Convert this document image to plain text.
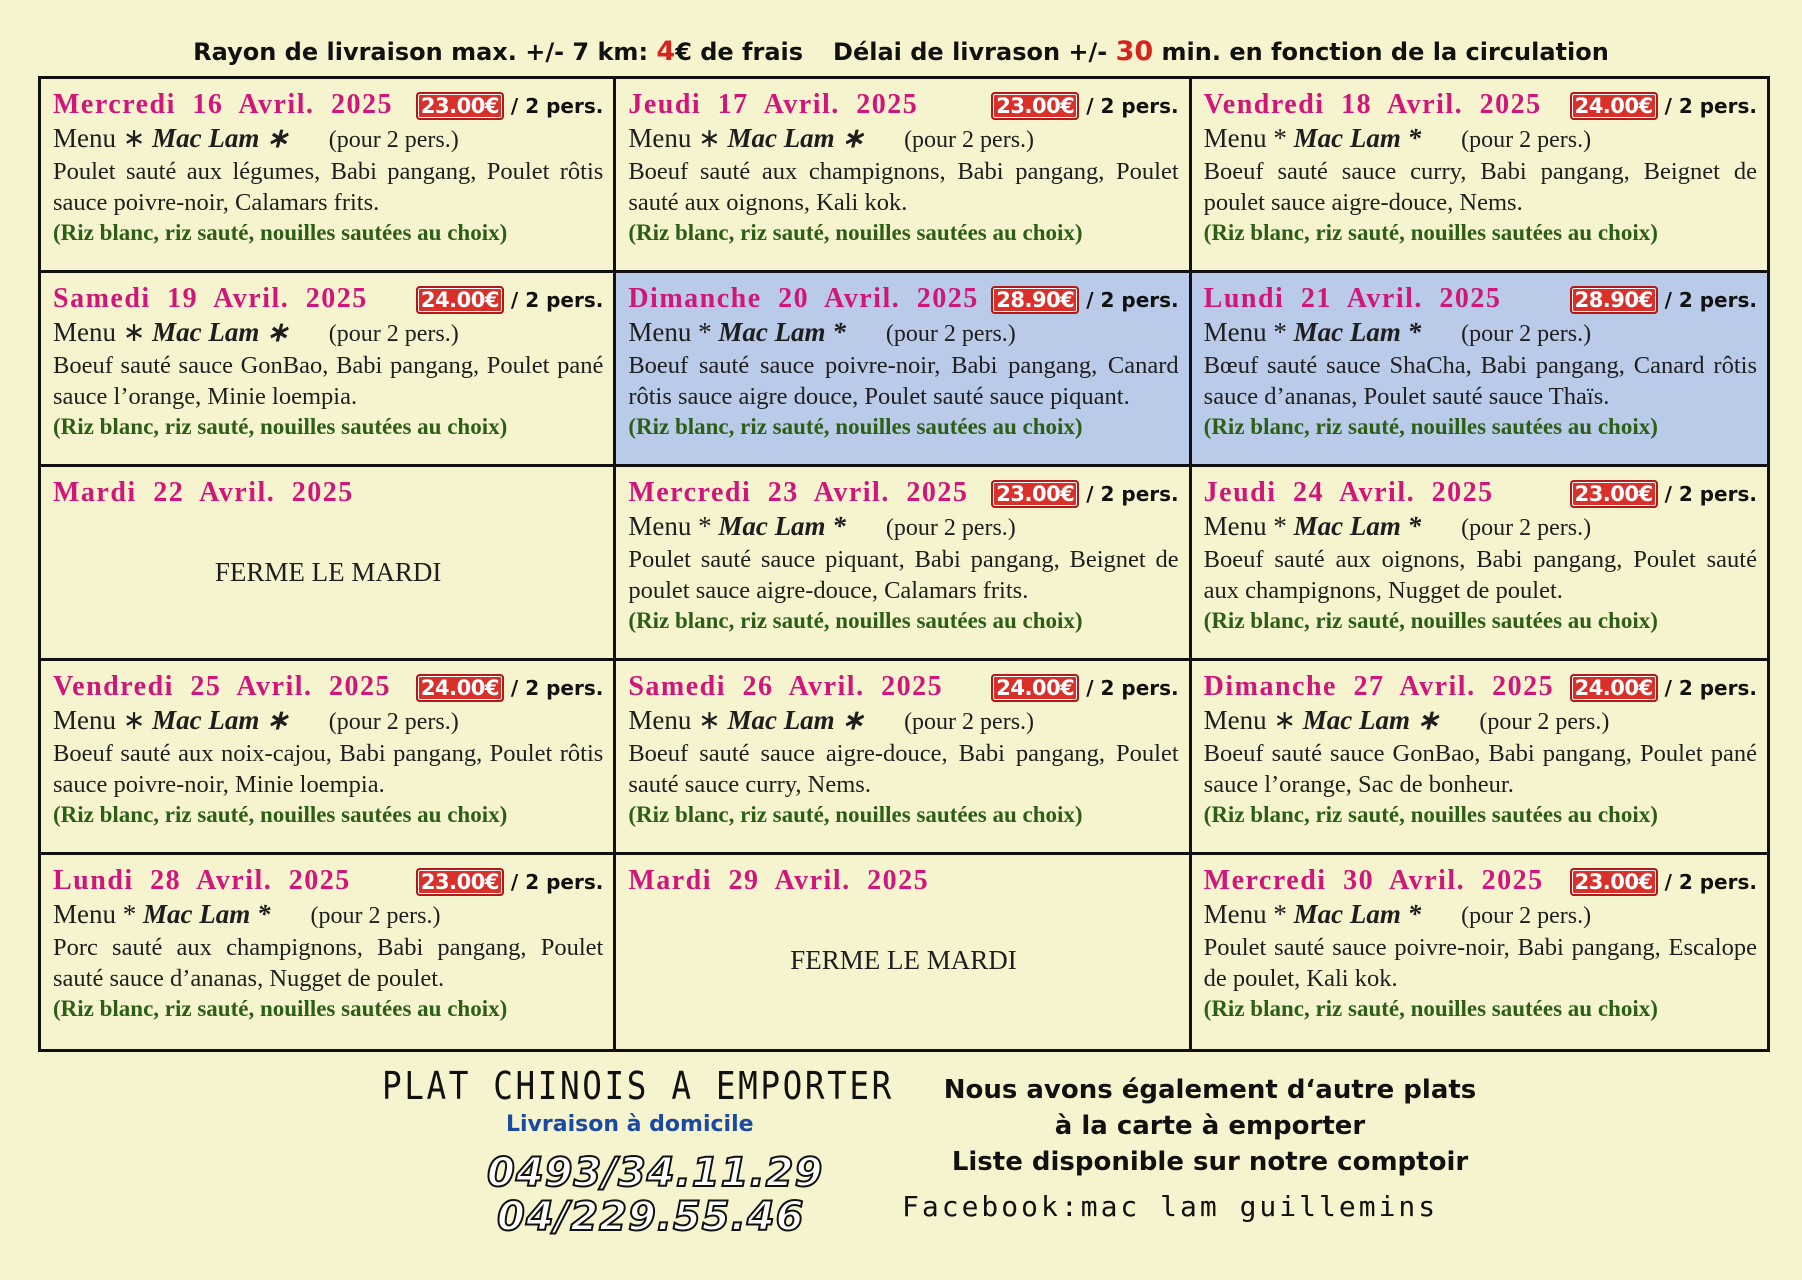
Rayon de livraison max. +/- 7 km: 4€ de frais Délai de livrason +/- 30 min. en fonction de la circulation
Mercredi 16 Avril. 2025 23.00€ / 2 pers.
Menu ∗ Mac Lam ∗ (pour 2 pers.)
Poulet sauté aux légumes, Babi pangang, Poulet rôtis sauce poivre-noir, Calamars frits.
(Riz blanc, riz sauté, nouilles sautées au choix)
Jeudi 17 Avril. 2025	23.00€ / 2 pers.
Menu ∗ Mac Lam ∗ (pour 2 pers.)
Boeuf sauté aux champignons, Babi pangang, Poulet sauté aux oignons, Kali kok.
(Riz blanc, riz sauté, nouilles sautées au choix)
Vendredi 18 Avril. 2025 24.00€ / 2 pers.
Menu * Mac Lam * (pour 2 pers.)
Boeuf sauté sauce curry, Babi pangang, Beignet de poulet sauce aigre-douce, Nems.
(Riz blanc, riz sauté, nouilles sautées au choix)
Samedi 19 Avril. 2025	24.00€ / 2 pers.
Menu ∗ Mac Lam ∗ (pour 2 pers.)
Boeuf sauté sauce GonBao, Babi pangang, Poulet pané sauce l’orange, Minie loempia.
(Riz blanc, riz sauté, nouilles sautées au choix)
Dimanche 20 Avril. 2025 28.90€ / 2 pers.
Menu * Mac Lam * (pour 2 pers.)
Boeuf sauté sauce poivre-noir, Babi pangang, Canard rôtis sauce aigre douce, Poulet sauté sauce piquant.
(Riz blanc, riz sauté, nouilles sautées au choix)
Lundi 21 Avril. 2025	28.90€ / 2 pers.
Menu * Mac Lam * (pour 2 pers.)
Bœuf sauté sauce ShaCha, Babi pangang, Canard rôtis sauce d’ananas, Poulet sauté sauce Thaïs.
(Riz blanc, riz sauté, nouilles sautées au choix)
Mardi 22 Avril. 2025
FERME LE MARDI
Mercredi 23 Avril. 2025 23.00€ / 2 pers.
Menu * Mac Lam * (pour 2 pers.)
Poulet sauté sauce piquant, Babi pangang, Beignet de poulet sauce aigre-douce, Calamars frits.
(Riz blanc, riz sauté, nouilles sautées au choix)
Jeudi 24 Avril. 2025	23.00€ / 2 pers.
Menu * Mac Lam * (pour 2 pers.)
Boeuf sauté aux oignons, Babi pangang, Poulet sauté aux champignons, Nugget de poulet.
(Riz blanc, riz sauté, nouilles sautées au choix)
Vendredi 25 Avril. 2025 24.00€ / 2 pers.
Menu ∗ Mac Lam ∗ (pour 2 pers.)
Boeuf sauté aux noix-cajou, Babi pangang, Poulet rôtis sauce poivre-noir, Minie loempia.
(Riz blanc, riz sauté, nouilles sautées au choix)
Samedi 26 Avril. 2025	24.00€ / 2 pers.
Menu ∗ Mac Lam ∗ (pour 2 pers.)
Boeuf sauté sauce aigre-douce, Babi pangang, Poulet sauté sauce curry, Nems.
(Riz blanc, riz sauté, nouilles sautées au choix)
Dimanche 27 Avril. 2025 24.00€ / 2 pers.
Menu ∗ Mac Lam ∗ (pour 2 pers.)
Boeuf sauté sauce GonBao, Babi pangang, Poulet pané sauce l’orange, Sac de bonheur.
(Riz blanc, riz sauté, nouilles sautées au choix)
Lundi 28 Avril. 2025	23.00€ / 2 pers.
Menu * Mac Lam * (pour 2 pers.)
Porc sauté aux champignons, Babi pangang, Poulet sauté sauce d’ananas, Nugget de poulet.
(Riz blanc, riz sauté, nouilles sautées au choix)
Mardi 29 Avril. 2025
FERME LE MARDI
Mercredi 30 Avril. 2025 23.00€ / 2 pers.
Menu * Mac Lam * (pour 2 pers.)
Poulet sauté sauce poivre-noir, Babi pangang, Escalope de poulet, Kali kok.
(Riz blanc, riz sauté, nouilles sautées au choix)
PLAT CHINOIS A EMPORTER
Livraison à domicile
0493/34.11.29
04/229.55.46
Nous avons également d‘autre plats
à la carte à emporter
Liste disponible sur notre comptoir
Facebook:mac lam guillemins
